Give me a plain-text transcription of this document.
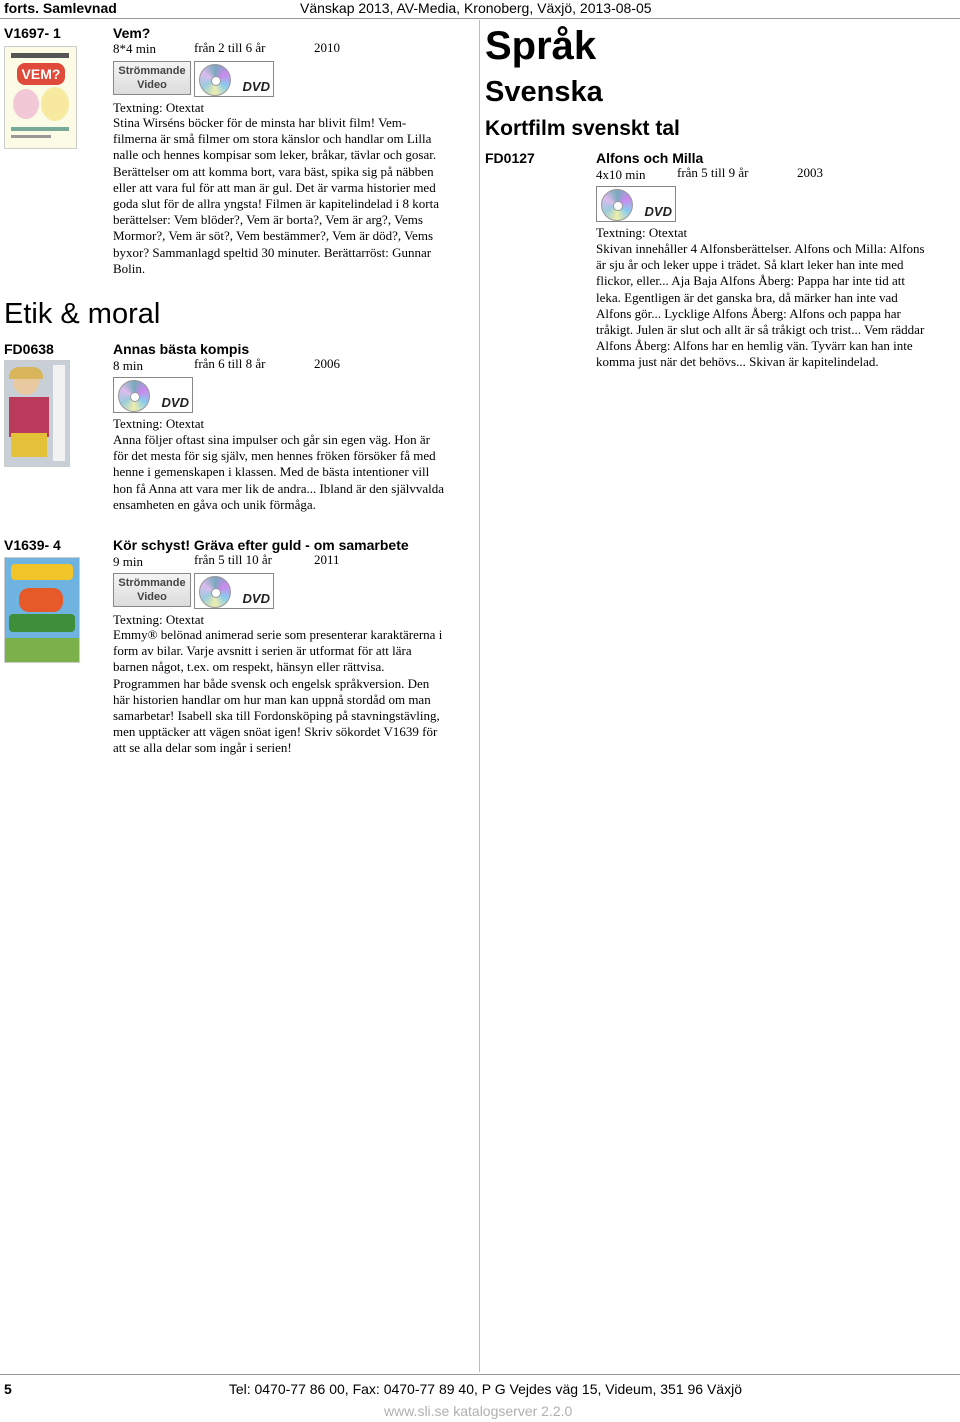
forts. Samlevnad	Vänskap 2013, AV-Media, Kronoberg, Växjö, 2013-08-05
V1697- 1
VEM?
Vem?
8*4 min	från 2 till 6 år	2010
Strömmande
Video	DVD
Textning: Otextat
Stina Wirséns böcker för de minsta har blivit film! Vem-filmerna är små filmer om stora känslor och handlar om Lilla nalle och hennes kompisar som leker, bråkar, tävlar och gosar. Berättelser om att komma bort, vara bäst, spika sig på näbben eller att vara ful för att man är gul. Det är varma historier med goda slut för de allra yngsta! Filmen är kapitelindelad i 8 korta berättelser: Vem blöder?, Vem är borta?, Vem är arg?, Vems Mormor?, Vem är söt?, Vem bestämmer?, Vem är död?, Vems byxor? Sammanlagd speltid 30 minuter. Berättarröst: Gunnar Bolin.
Etik & moral
FD0638	Annas bästa kompis
8 min	från 6 till 8 år	2006
DVD
Textning: Otextat
Anna följer oftast sina impulser och går sin egen väg. Hon är för det mesta för sig själv, men hennes fröken försöker få med henne i gemenskapen i klassen. Med de bästa intentioner vill hon få Anna att vara mer lik de andra... Ibland är den självvalda ensamheten en gåva och unik förmåga.
V1639- 4	Kör schyst! Gräva efter guld - om samarbete
9 min	från 5 till 10 år	2011
Strömmande
Video	DVD
Textning: Otextat
Emmy® belönad animerad serie som presenterar karaktärerna i form av bilar. Varje avsnitt i serien är utformat för att lära barnen något, t.ex. om respekt, hänsyn eller rättvisa. Programmen har både svensk och engelsk språkversion. Den här historien handlar om hur man kan uppnå stordåd om man samarbetar! Isabell ska till Fordonsköping på stavningstävling, men upptäcker att vägen snöat igen! Skriv sökordet V1639 för att se alla delar som ingår i serien!
Språk
Svenska
Kortfilm svenskt tal
FD0127	Alfons och Milla
4x10 min från 5 till 9 år	2003
DVD
Textning: Otextat
Skivan innehåller 4 Alfonsberättelser. Alfons och Milla: Alfons är sju år och leker uppe i trädet. Så klart leker han inte med flickor, eller... Aja Baja Alfons Åberg: Pappa har inte tid att leka. Egentligen är det ganska bra, då märker han inte vad Alfons gör... Lycklige Alfons Åberg: Alfons och pappa har tråkigt. Julen är slut och allt är så tråkigt och trist... Vem räddar Alfons Åberg: Alfons har en hemlig vän. Tyvärr kan han inte komma just när det behövs... Skivan är kapitelindelad.
5	Tel: 0470-77 86 00, Fax: 0470-77 89 40, P G Vejdes väg 15, Videum, 351 96 Växjö
www.sli.se katalogserver 2.2.0
